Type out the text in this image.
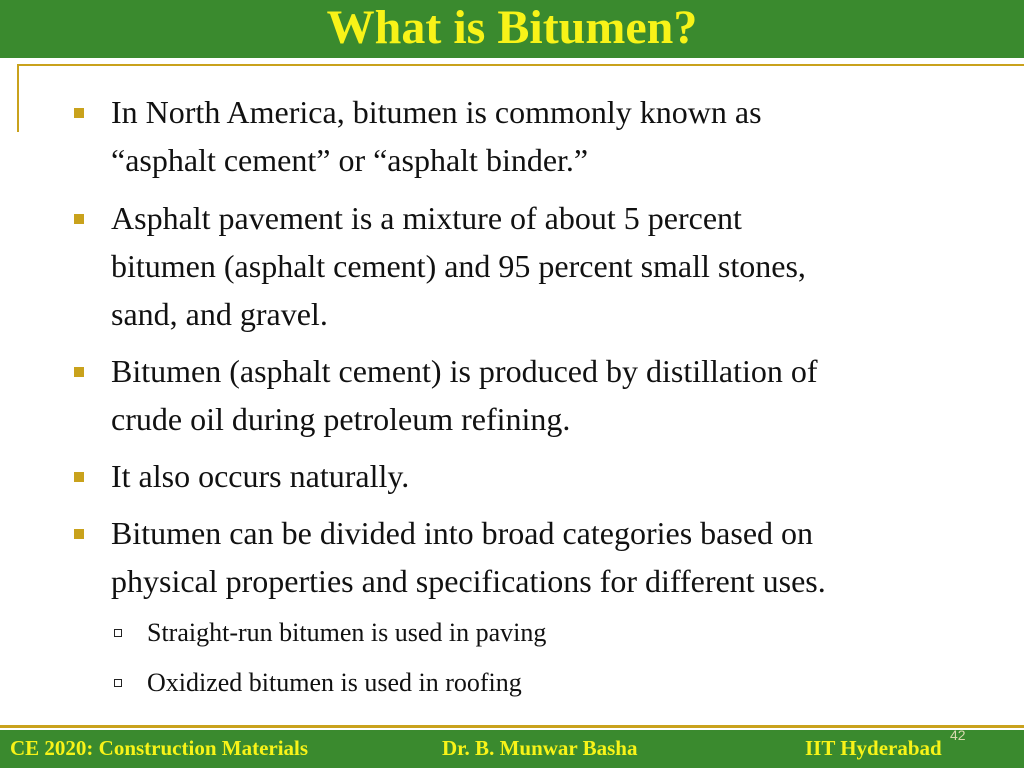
What is Bitumen?
In North America, bitumen is commonly known as
“asphalt cement” or “asphalt binder.”
Asphalt pavement is a mixture of about 5 percent
bitumen (asphalt cement) and 95 percent small stones,
sand, and gravel.
Bitumen (asphalt cement) is produced by distillation of
crude oil during petroleum refining.
It also occurs naturally.
Bitumen can be divided into broad categories based on
physical properties and specifications for different uses.
Straight-run bitumen is used in paving
Oxidized bitumen is used in roofing
CE 2020: Construction Materials	Dr. B. Munwar Basha	IIT Hyderabad
42
